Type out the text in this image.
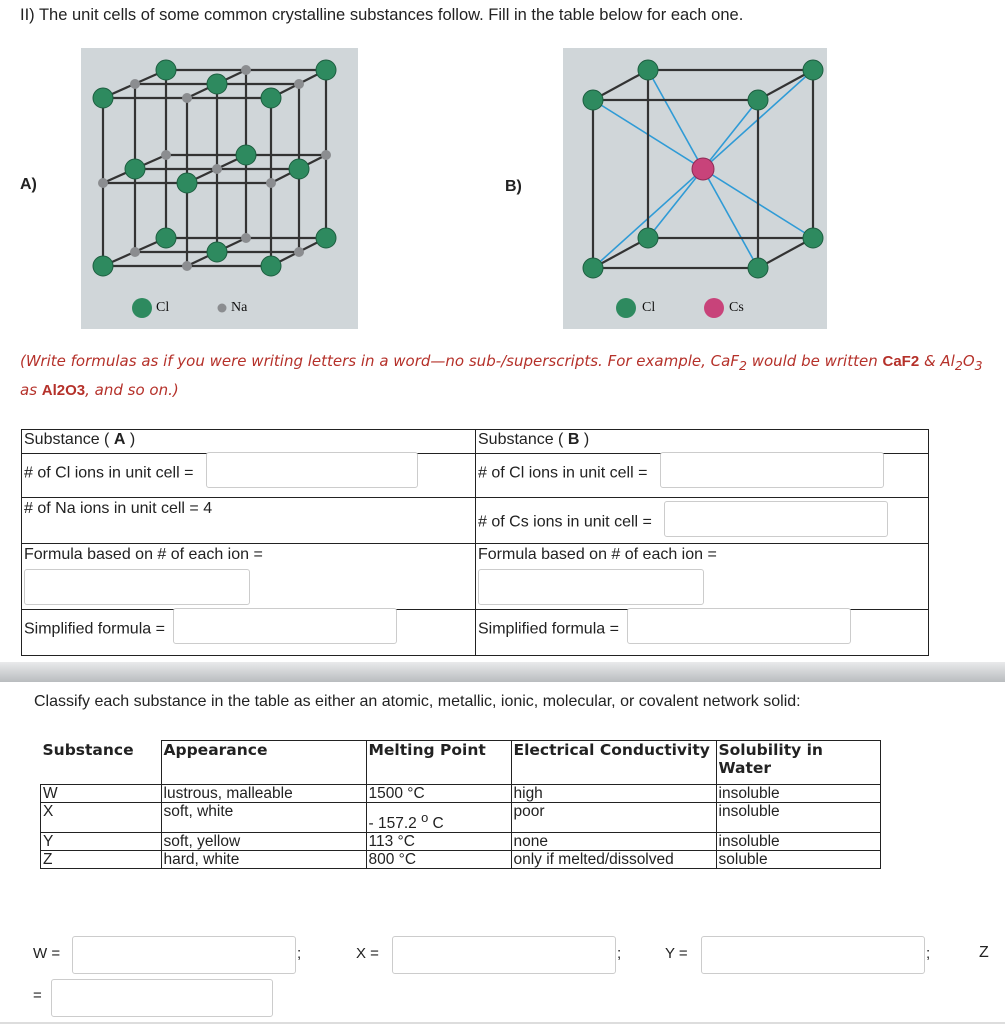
II) The unit cells of some common crystalline substances follow. Fill in the table below for each one.
A)
Cl	Na
B)
Cl	Cs
(Write formulas as if you were writing letters in a word—no sub-/superscripts. For example, CaF$_2$ would be written CaF2 & $Al_2O_3$ as Al2O3, and so on.)
Substance ( A )	Substance ( B )

# of Cl ions in unit cell =	# of Cl ions in unit cell =

# of Na ions in unit cell = 4	# of Cs ions in unit cell =

Formula based on # of each ion =	Formula based on # of each ion =

Simplified formula =	Simplified formula =
Classify each substance in the table as either an atomic, metallic, ionic, molecular, or covalent network solid:
Substance	Appearance	Melting Point	Electrical Conductivity	Solubility in Water
W	lustrous, malleable	1500 °C	high	insoluble
X	soft, white	- 157.2 $^o$ C	poor	insoluble
Y	soft, yellow	113 °C	none	insoluble
Z	hard, white	800 °C	only if melted/dissolved	soluble
W =	;	X =	;	Y =	;	Z
=
